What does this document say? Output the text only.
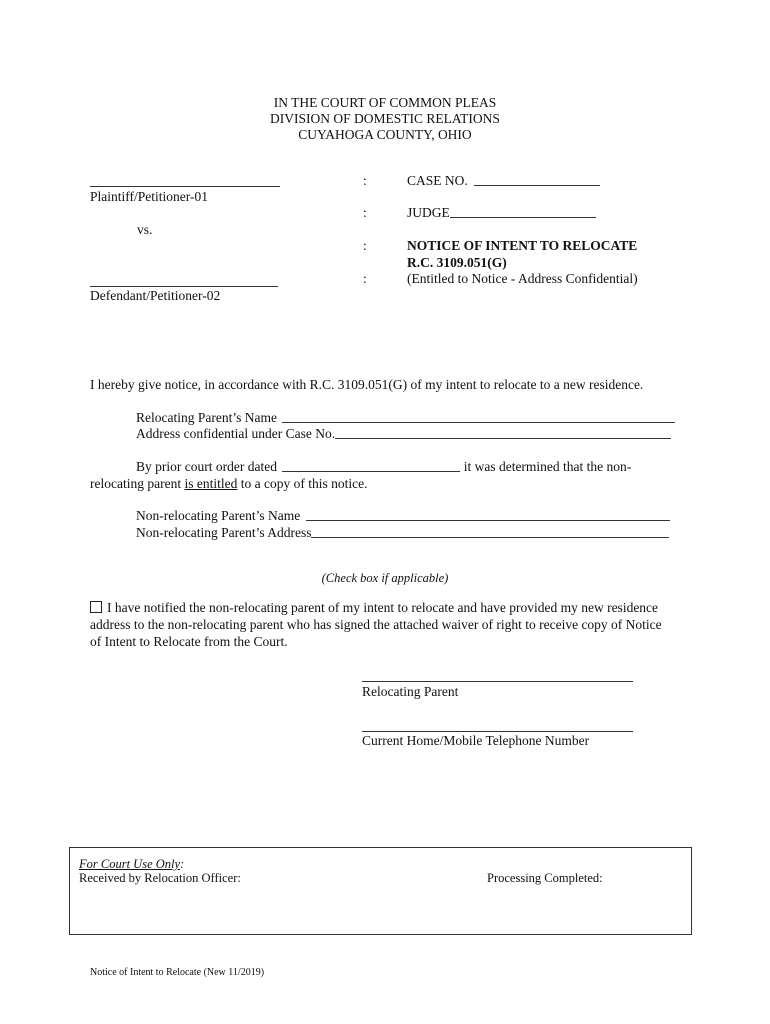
IN THE COURT OF COMMON PLEAS
DIVISION OF DOMESTIC RELATIONS
CUYAHOGA COUNTY, OHIO
Plaintiff/Petitioner-01
vs.
Defendant/Petitioner-02
:
:
:
:
CASE NO.
JUDGE
NOTICE OF INTENT TO RELOCATE
R.C. 3109.051(G)
(Entitled to Notice - Address Confidential)
I hereby give notice, in accordance with R.C. 3109.051(G) of my intent to relocate to a new residence.
Relocating Parent’s Name
Address confidential under Case No.
By prior court order dated	it was determined that the non-
relocating parent is entitled to a copy of this notice.
Non-relocating Parent’s Name
Non-relocating Parent’s Address
(Check box if applicable)
I have notified the non-relocating parent of my intent to relocate and have provided my new residence
address to the non-relocating parent who has signed the attached waiver of right to receive copy of Notice
of Intent to Relocate from the Court.
Relocating Parent
Current Home/Mobile Telephone Number
For Court Use Only:
Received by Relocation Officer:	Processing Completed:
Notice of Intent to Relocate (New 11/2019)
